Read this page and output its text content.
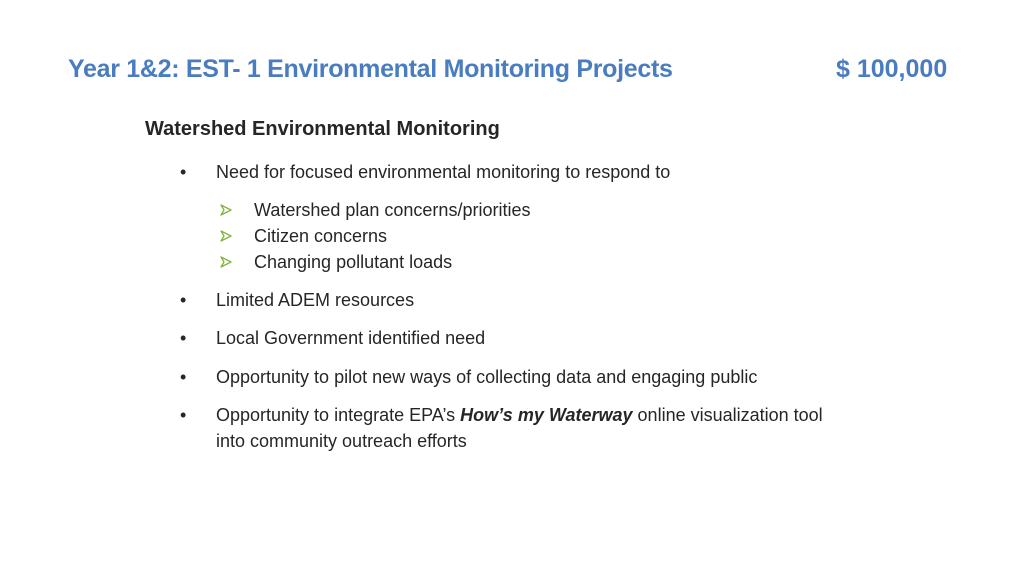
Year 1&2: EST- 1 Environmental Monitoring Projects	$ 100,000
Watershed Environmental Monitoring
•	Need for focused environmental monitoring to respond to
Watershed plan concerns/priorities
Citizen concerns
Changing pollutant loads
•	Limited ADEM resources
•	Local Government identified need
•	Opportunity to pilot new ways of collecting data and engaging public
•	Opportunity to integrate EPA’s How’s my Waterway online visualization tool into community outreach efforts
